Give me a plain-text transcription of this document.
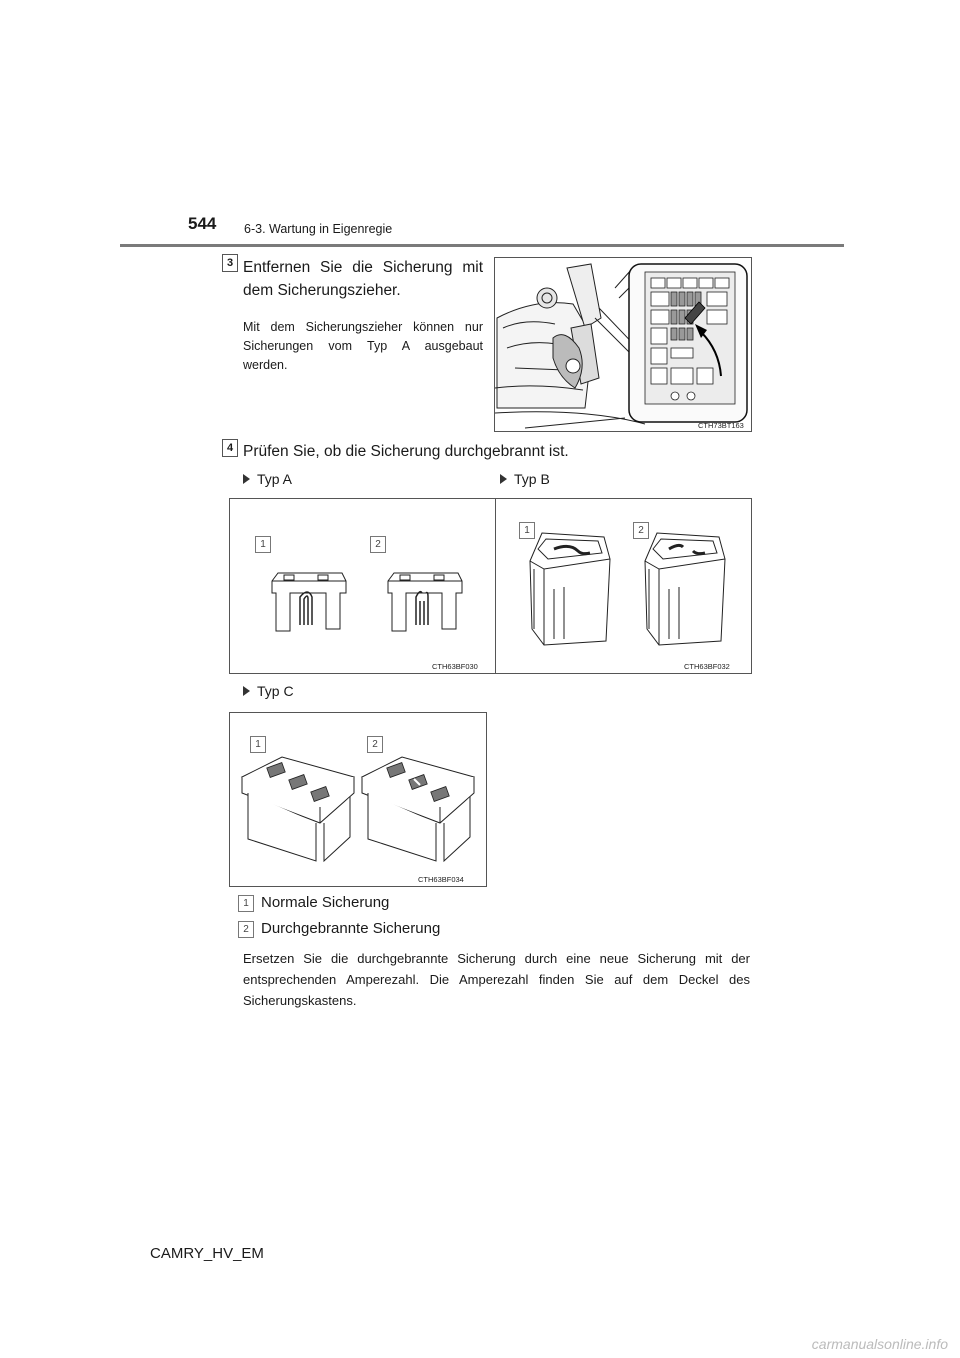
544 6-3. Wartung in Eigenregie
3 Entfernen Sie die Sicherung mit dem Sicherungszieher.
Mit dem Sicherungszieher können nur Sicherungen vom Typ A ausgebaut werden.
CTH73BT163
4 Prüfen Sie, ob die Sicherung durchgebrannt ist.
Typ A	Typ B
1	2
CTH63BF030
1	2
CTH63BF032
Typ C
1	2
CTH63BF034
1 Normale Sicherung
2 Durchgebrannte Sicherung
Ersetzen Sie die durchgebrannte Sicherung durch eine neue Sicherung mit der entsprechenden Amperezahl. Die Amperezahl finden Sie auf dem Deckel des Sicherungskastens.
CAMRY_HV_EM
carmanualsonline.info
